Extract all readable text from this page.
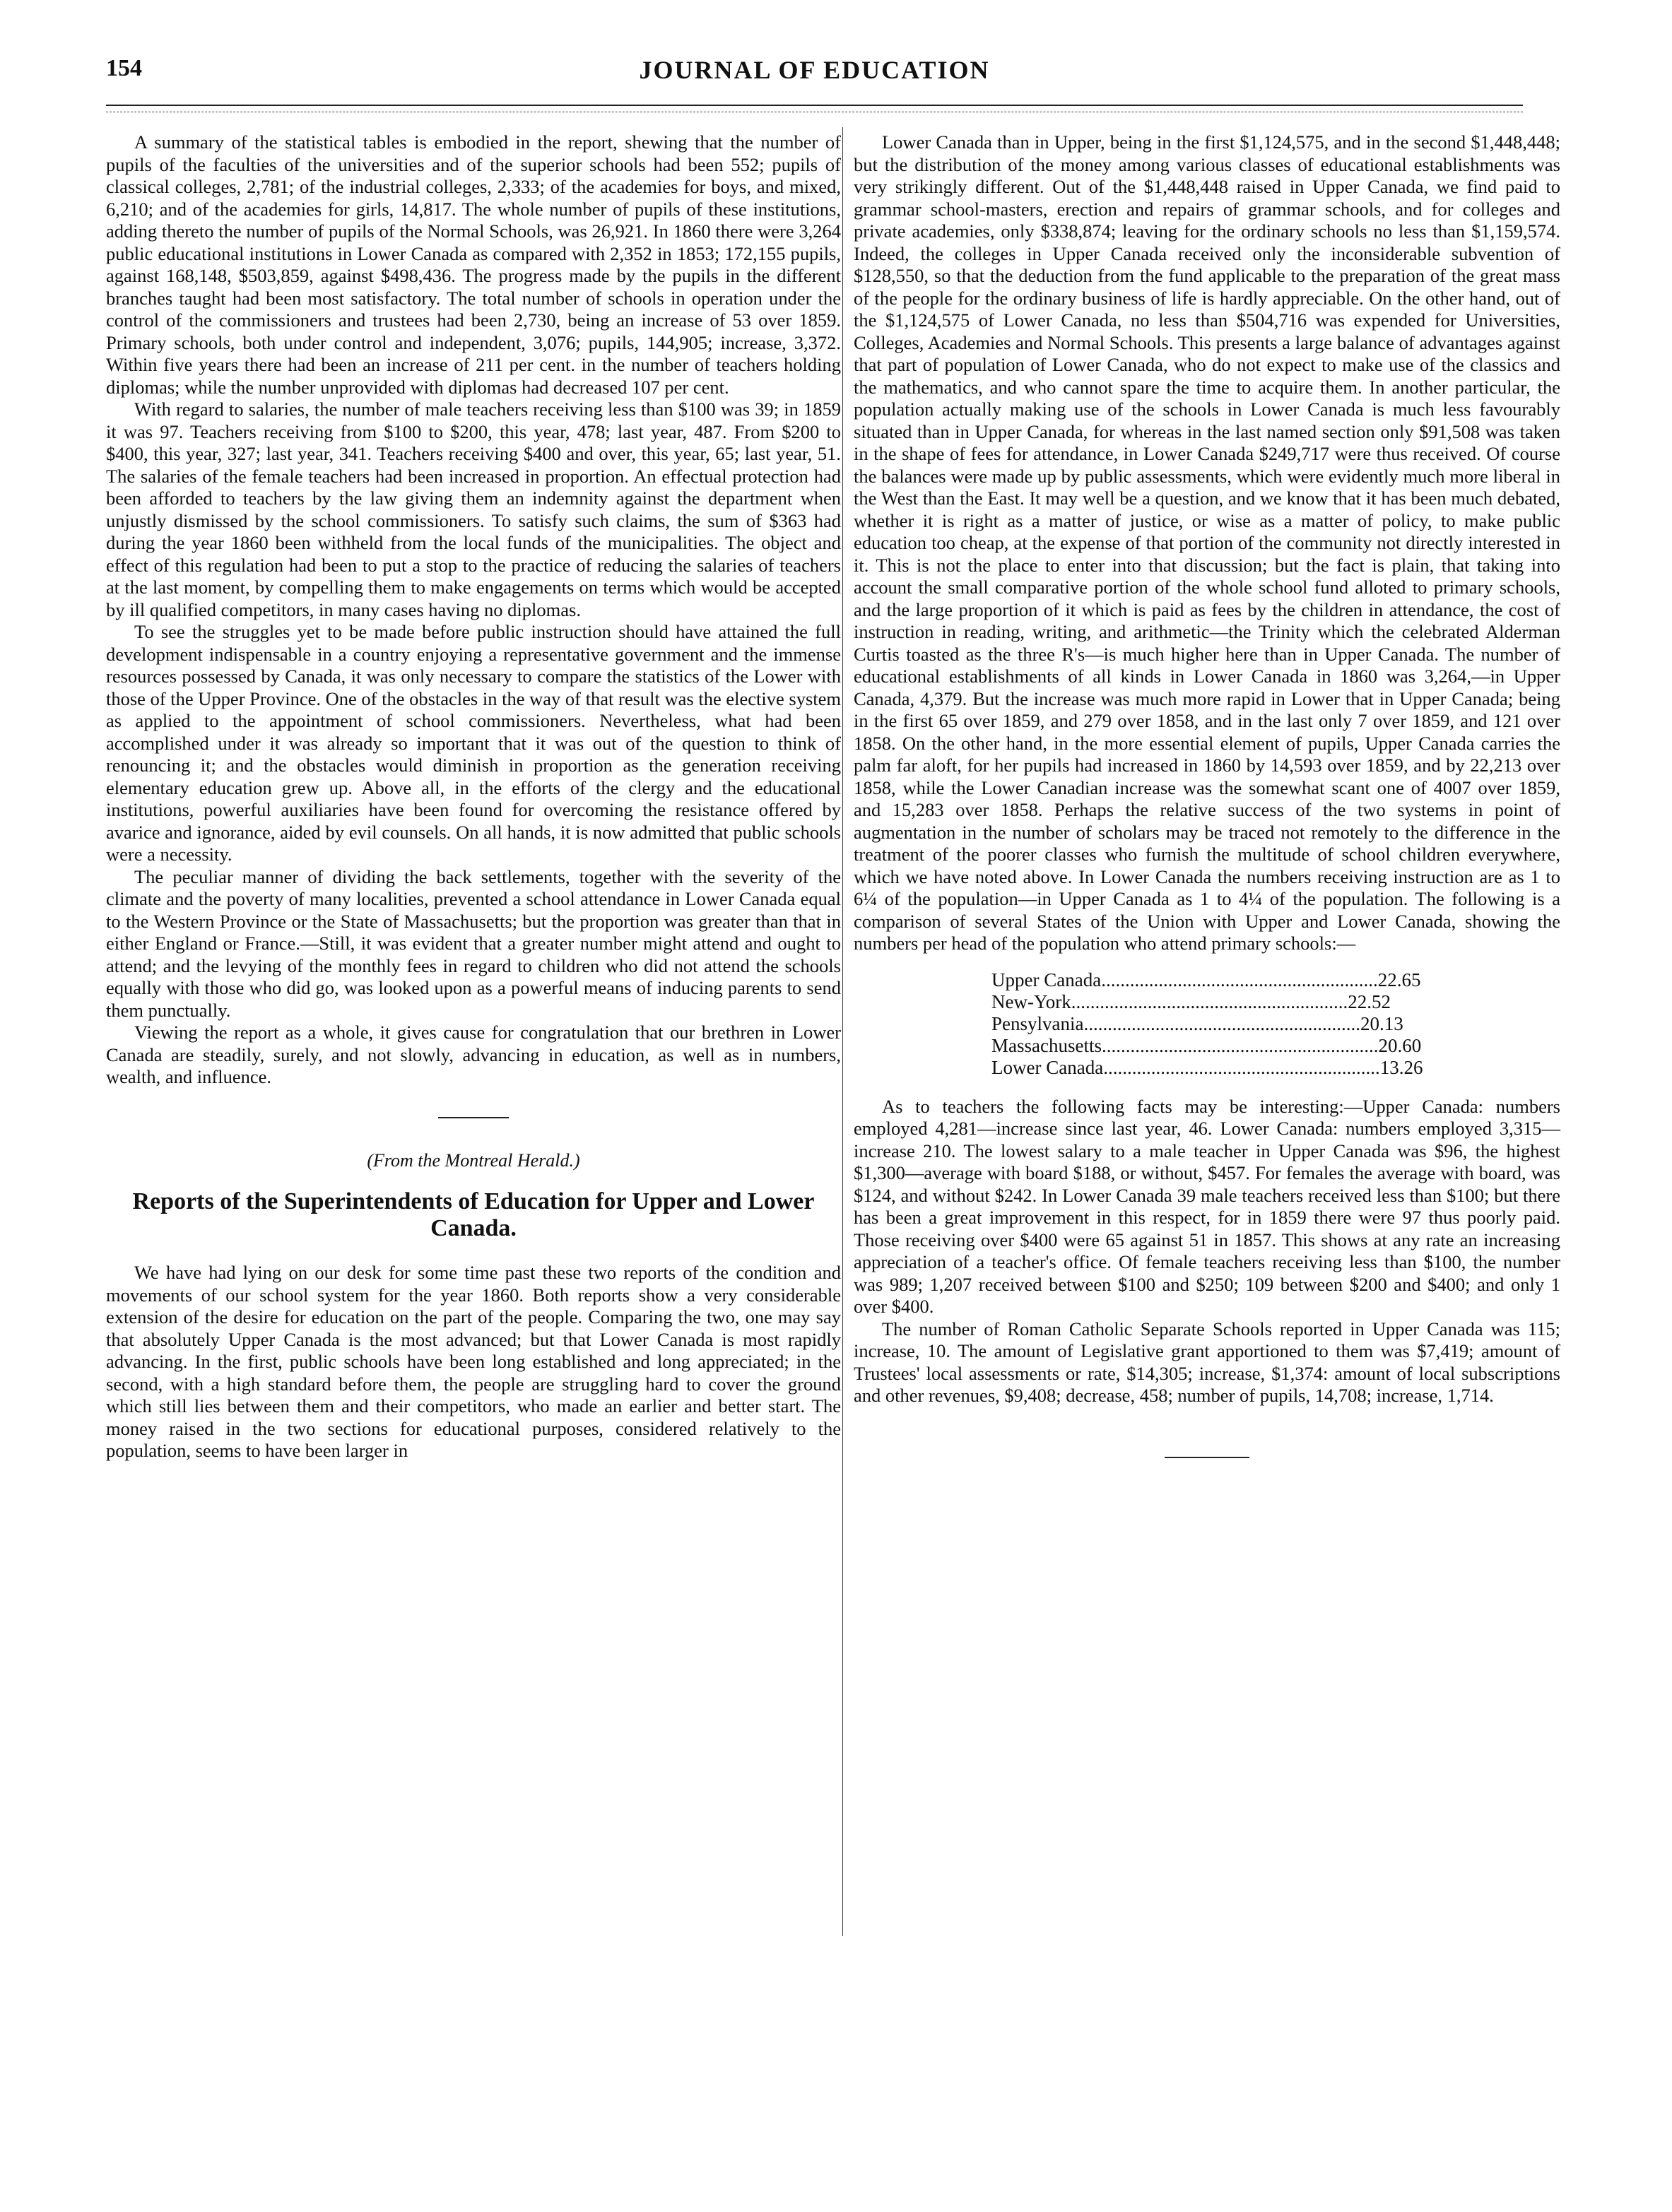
154	JOURNAL OF EDUCATION

A summary of the statistical tables is embodied in the report, shewing that the number of pupils of the faculties of the universities and of the superior schools had been 552; pupils of classical colleges, 2,781; of the industrial colleges, 2,333; of the academies for boys, and mixed, 6,210; and of the academies for girls, 14,817. The whole number of pupils of these institutions, adding thereto the number of pupils of the Normal Schools, was 26,921. In 1860 there were 3,264 public educational institutions in Lower Canada as compared with 2,352 in 1853; 172,155 pupils, against 168,148, $503,859, against $498,436. The progress made by the pupils in the different branches taught had been most satisfactory. The total number of schools in operation under the control of the commissioners and trustees had been 2,730, being an increase of 53 over 1859. Primary schools, both under control and independent, 3,076; pupils, 144,905; increase, 3,372. Within five years there had been an increase of 211 per cent. in the number of teachers holding diplomas; while the number unprovided with diplomas had decreased 107 per cent.

With regard to salaries, the number of male teachers receiving less than $100 was 39; in 1859 it was 97. Teachers receiving from $100 to $200, this year, 478; last year, 487. From $200 to $400, this year, 327; last year, 341. Teachers receiving $400 and over, this year, 65; last year, 51. The salaries of the female teachers had been increased in proportion. An effectual protection had been afforded to teachers by the law giving them an indemnity against the department when unjustly dismissed by the school commissioners. To satisfy such claims, the sum of $363 had during the year 1860 been withheld from the local funds of the municipalities. The object and effect of this regulation had been to put a stop to the practice of reducing the salaries of teachers at the last moment, by compelling them to make engagements on terms which would be accepted by ill qualified competitors, in many cases having no diplomas.

To see the struggles yet to be made before public instruction should have attained the full development indispensable in a country enjoying a representative government and the immense resources possessed by Canada, it was only necessary to compare the statistics of the Lower with those of the Upper Province. One of the obstacles in the way of that result was the elective system as applied to the appointment of school commissioners. Nevertheless, what had been accomplished under it was already so important that it was out of the question to think of renouncing it; and the obstacles would diminish in proportion as the generation receiving elementary education grew up. Above all, in the efforts of the clergy and the educational institutions, powerful auxiliaries have been found for overcoming the resistance offered by avarice and ignorance, aided by evil counsels. On all hands, it is now admitted that public schools were a necessity.

The peculiar manner of dividing the back settlements, together with the severity of the climate and the poverty of many localities, prevented a school attendance in Lower Canada equal to the Western Province or the State of Massachusetts; but the proportion was greater than that in either England or France.—Still, it was evident that a greater number might attend and ought to attend; and the levying of the monthly fees in regard to children who did not attend the schools equally with those who did go, was looked upon as a powerful means of inducing parents to send them punctually.

Viewing the report as a whole, it gives cause for congratulation that our brethren in Lower Canada are steadily, surely, and not slowly, advancing in education, as well as in numbers, wealth, and influence.

(From the Montreal Herald.)

Reports of the Superintendents of Education for Upper and Lower Canada.

We have had lying on our desk for some time past these two reports of the condition and movements of our school system for the year 1860. Both reports show a very considerable extension of the desire for education on the part of the people. Comparing the two, one may say that absolutely Upper Canada is the most advanced; but that Lower Canada is most rapidly advancing. In the first, public schools have been long established and long appreciated; in the second, with a high standard before them, the people are struggling hard to cover the ground which still lies between them and their competitors, who made an earlier and better start. The money raised in the two sections for educational purposes, considered relatively to the population, seems to have been larger in

Lower Canada than in Upper, being in the first $1,124,575, and in the second $1,448,448; but the distribution of the money among various classes of educational establishments was very strikingly different. Out of the $1,448,448 raised in Upper Canada, we find paid to grammar school-masters, erection and repairs of grammar schools, and for colleges and private academies, only $338,874; leaving for the ordinary schools no less than $1,159,574. Indeed, the colleges in Upper Canada received only the inconsiderable subvention of $128,550, so that the deduction from the fund applicable to the preparation of the great mass of the people for the ordinary business of life is hardly appreciable. On the other hand, out of the $1,124,575 of Lower Canada, no less than $504,716 was expended for Universities, Colleges, Academies and Normal Schools. This presents a large balance of advantages against that part of population of Lower Canada, who do not expect to make use of the classics and the mathematics, and who cannot spare the time to acquire them. In another particular, the population actually making use of the schools in Lower Canada is much less favourably situated than in Upper Canada, for whereas in the last named section only $91,508 was taken in the shape of fees for attendance, in Lower Canada $249,717 were thus received. Of course the balances were made up by public assessments, which were evidently much more liberal in the West than the East. It may well be a question, and we know that it has been much debated, whether it is right as a matter of justice, or wise as a matter of policy, to make public education too cheap, at the expense of that portion of the community not directly interested in it. This is not the place to enter into that discussion; but the fact is plain, that taking into account the small comparative portion of the whole school fund alloted to primary schools, and the large proportion of it which is paid as fees by the children in attendance, the cost of instruction in reading, writing, and arithmetic—the Trinity which the celebrated Alderman Curtis toasted as the three R's—is much higher here than in Upper Canada. The number of educational establishments of all kinds in Lower Canada in 1860 was 3,264,—in Upper Canada, 4,379. But the increase was much more rapid in Lower that in Upper Canada; being in the first 65 over 1859, and 279 over 1858, and in the last only 7 over 1859, and 121 over 1858. On the other hand, in the more essential element of pupils, Upper Canada carries the palm far aloft, for her pupils had increased in 1860 by 14,593 over 1859, and by 22,213 over 1858, while the Lower Canadian increase was the somewhat scant one of 4007 over 1859, and 15,283 over 1858. Perhaps the relative success of the two systems in point of augmentation in the number of scholars may be traced not remotely to the difference in the treatment of the poorer classes who furnish the multitude of school children everywhere, which we have noted above. In Lower Canada the numbers receiving instruction are as 1 to 6¼ of the population—in Upper Canada as 1 to 4¼ of the population. The following is a comparison of several States of the Union with Upper and Lower Canada, showing the numbers per head of the population who attend primary schools:—

Upper Canada .......................................................... 22.65
New-York .......................................................... 22.52
Pensylvania .......................................................... 20.13
Massachusetts .......................................................... 20.60
Lower Canada .......................................................... 13.26

As to teachers the following facts may be interesting:—Upper Canada: numbers employed 4,281—increase since last year, 46. Lower Canada: numbers employed 3,315—increase 210. The lowest salary to a male teacher in Upper Canada was $96, the highest $1,300—average with board $188, or without, $457. For females the average with board, was $124, and without $242. In Lower Canada 39 male teachers received less than $100; but there has been a great improvement in this respect, for in 1859 there were 97 thus poorly paid. Those receiving over $400 were 65 against 51 in 1857. This shows at any rate an increasing appreciation of a teacher's office. Of female teachers receiving less than $100, the number was 989; 1,207 received between $100 and $250; 109 between $200 and $400; and only 1 over $400.

The number of Roman Catholic Separate Schools reported in Upper Canada was 115; increase, 10. The amount of Legislative grant apportioned to them was $7,419; amount of Trustees' local assessments or rate, $14,305; increase, $1,374: amount of local subscriptions and other revenues, $9,408; decrease, 458; number of pupils, 14,708; increase, 1,714.
